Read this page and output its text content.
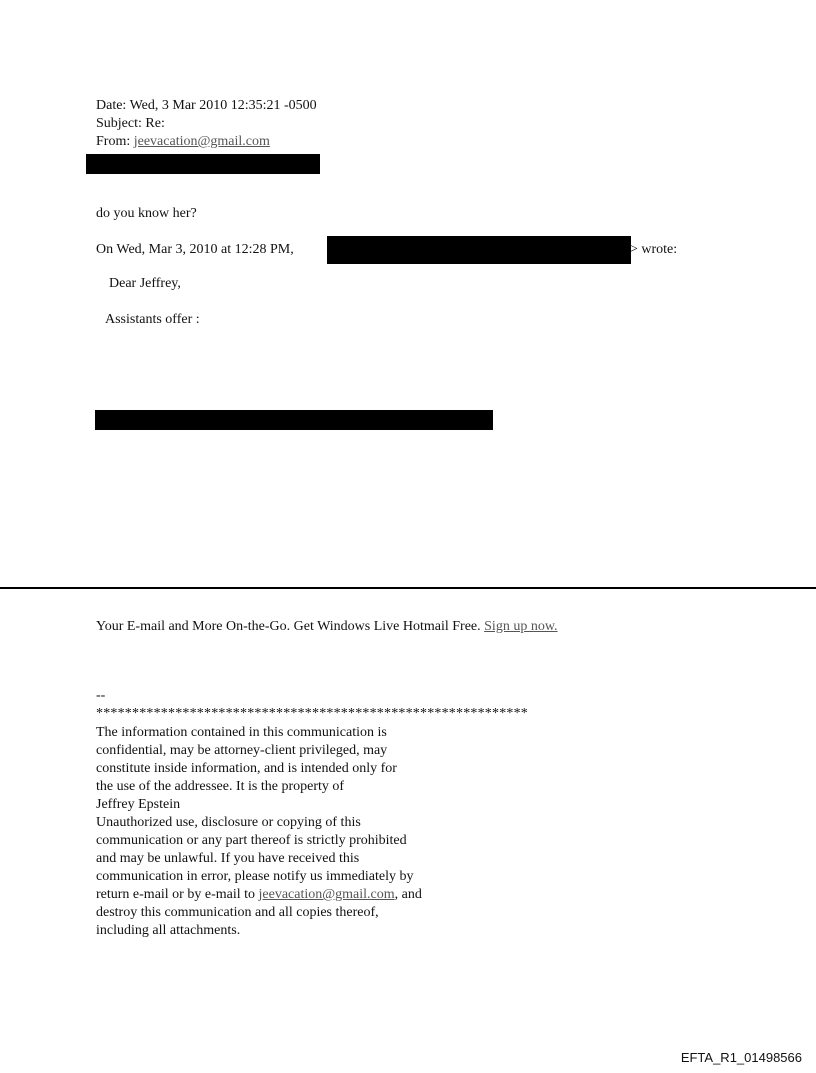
Date: Wed, 3 Mar 2010 12:35:21 -0500
Subject: Re:
From: jeevacation@gmail.com
do you know her?
On Wed, Mar 3, 2010 at 12:28 PM,	> wrote:
Dear Jeffrey,
Assistants offer :
Your E-mail and More On-the-Go. Get Windows Live Hotmail Free. Sign up now.
--
************************************************************
The information contained in this communication is
confidential, may be attorney-client privileged, may
constitute inside information, and is intended only for
the use of the addressee. It is the property of
Jeffrey Epstein
Unauthorized use, disclosure or copying of this
communication or any part thereof is strictly prohibited
and may be unlawful. If you have received this
communication in error, please notify us immediately by
return e-mail or by e-mail to jeevacation@gmail.com, and
destroy this communication and all copies thereof,
including all attachments.
EFTA_R1_01498566
